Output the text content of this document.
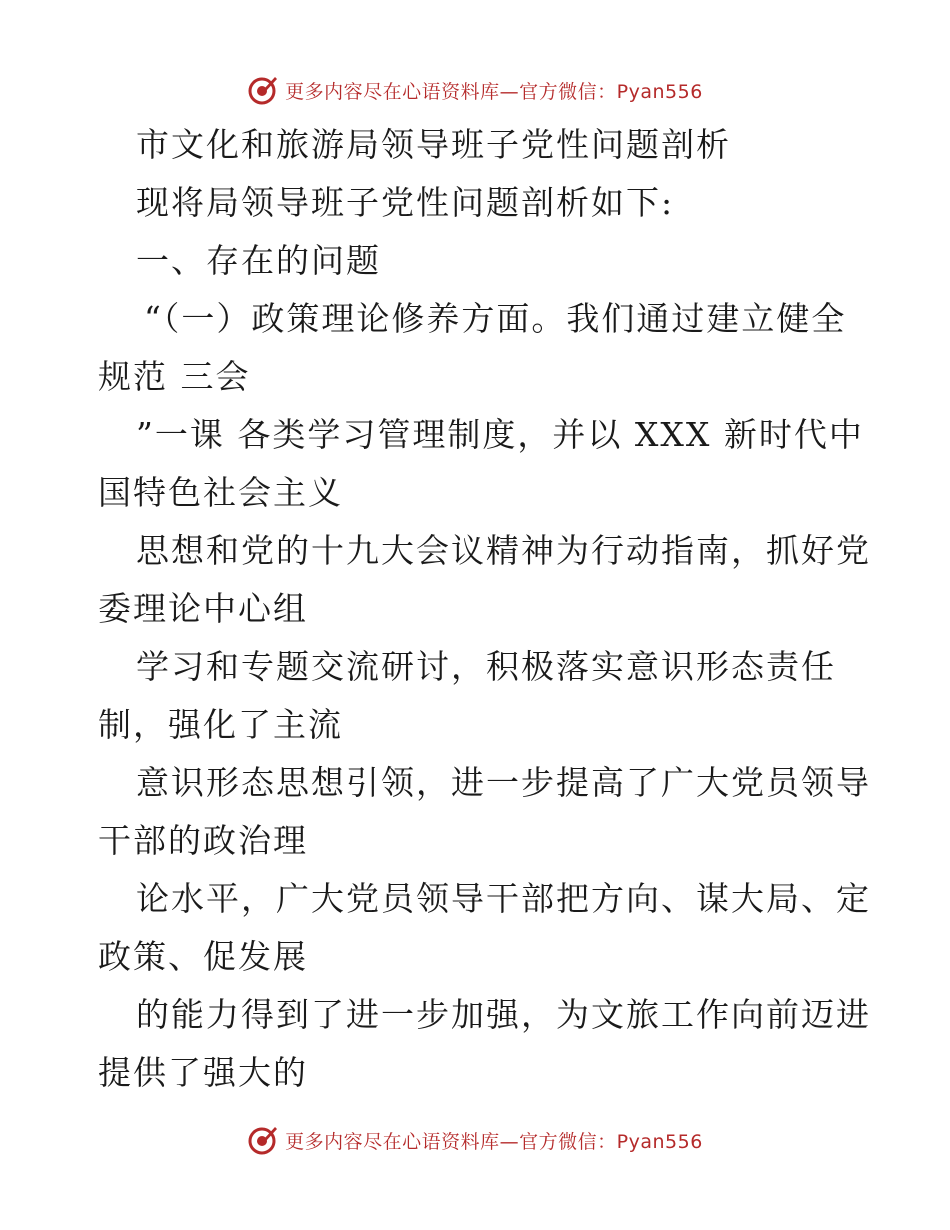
更多内容尽在心语资料库—官方微信：Pyan556
市文化和旅游局领导班子党性问题剖析
现将局领导班子党性问题剖析如下:
一、存在的问题
“（一）政策理论修养方面。我们通过建立健全
规范 三会
”一课 各类学习管理制度，并以 XXX 新时代中
国特色社会主义
思想和党的十九大会议精神为行动指南，抓好党
委理论中心组
学习和专题交流研讨，积极落实意识形态责任
制，强化了主流
意识形态思想引领，进一步提高了广大党员领导
干部的政治理
论水平，广大党员领导干部把方向、谋大局、定
政策、促发展
的能力得到了进一步加强，为文旅工作向前迈进
提供了强大的
更多内容尽在心语资料库—官方微信：Pyan556
